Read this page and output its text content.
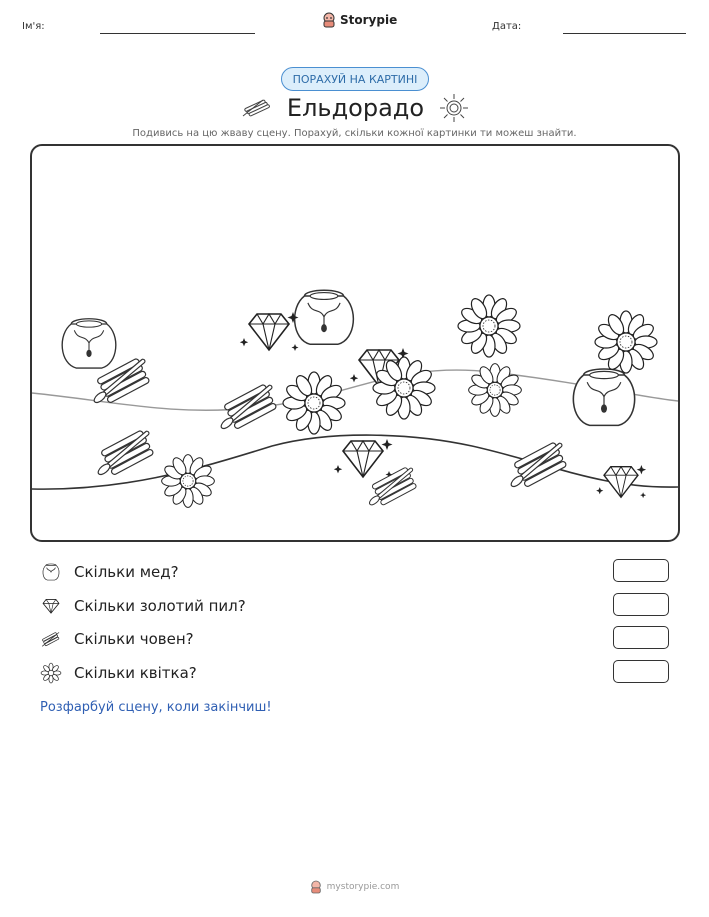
Ім'я:	Storypie	Дата:
ПОРАХУЙ НА КАРТИНІ
Ельдорадо
Подивись на цю жваву сцену. Порахуй, скільки кожної картинки ти можеш знайти.
Скільки мед?
Скільки золотий пил?
Скільки човен?
Скільки квітка?
Розфарбуй сцену, коли закінчиш!
mystorypie.com
